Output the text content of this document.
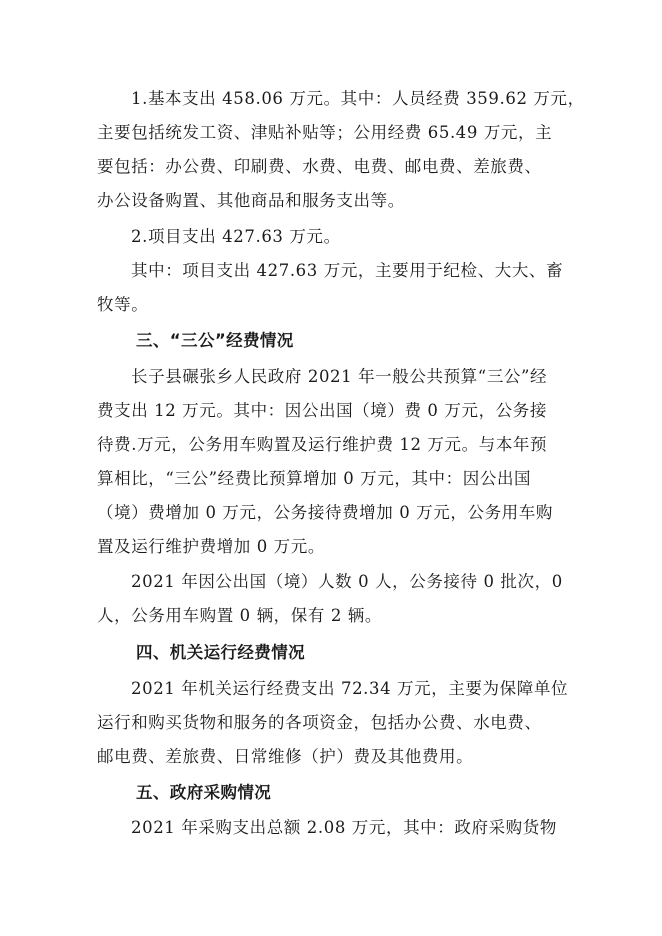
1.基本支出 458.06 万元。其中：人员经费 359.62 万元，
主要包括统发工资、津贴补贴等；公用经费 65.49 万元，主
要包括：办公费、印刷费、水费、电费、邮电费、差旅费、
办公设备购置、其他商品和服务支出等。
2.项目支出 427.63 万元。
其中：项目支出 427.63 万元，主要用于纪检、大大、畜
牧等。
三、“三公”经费情况
长子县碾张乡人民政府 2021 年一般公共预算“三公”经
费支出 12 万元。其中：因公出国（境）费 0 万元，公务接
待费.万元，公务用车购置及运行维护费 12 万元。与本年预
算相比，“三公”经费比预算增加 0 万元，其中：因公出国
（境）费增加 0 万元，公务接待费增加 0 万元，公务用车购
置及运行维护费增加 0 万元。
2021 年因公出国（境）人数 0 人，公务接待 0 批次，0
人，公务用车购置 0 辆，保有 2 辆。
四、机关运行经费情况
2021 年机关运行经费支出 72.34 万元，主要为保障单位
运行和购买货物和服务的各项资金，包括办公费、水电费、
邮电费、差旅费、日常维修（护）费及其他费用。
五、政府采购情况
2021 年采购支出总额 2.08 万元，其中：政府采购货物
